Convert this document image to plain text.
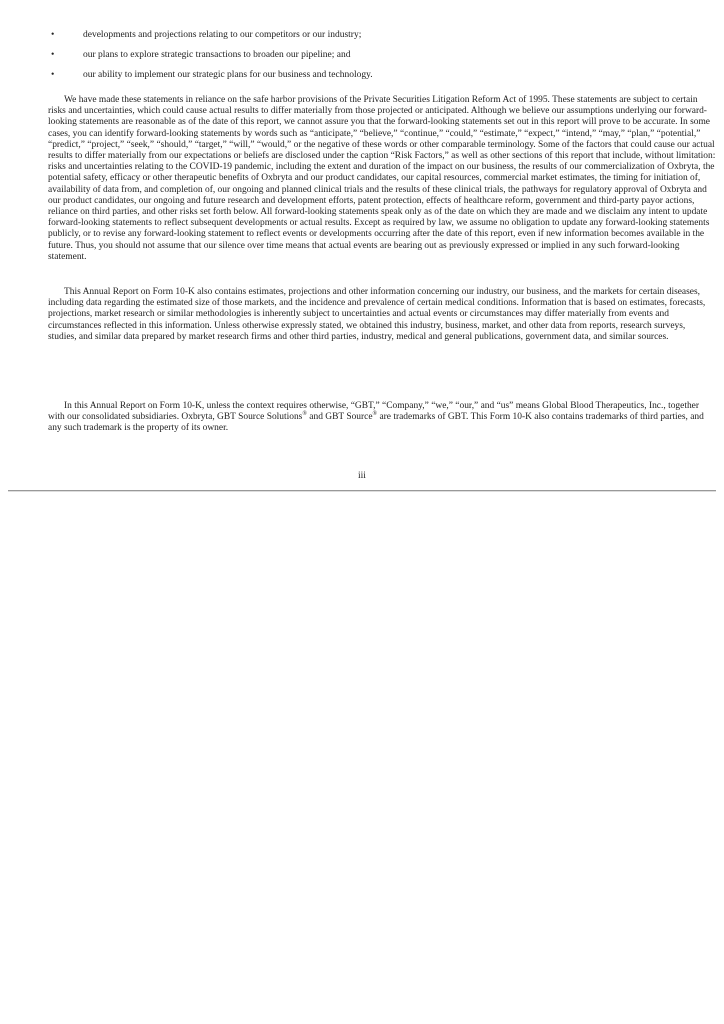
•	developments and projections relating to our competitors or our industry;
•	our plans to explore strategic transactions to broaden our pipeline; and
•	our ability to implement our strategic plans for our business and technology.

We have made these statements in reliance on the safe harbor provisions of the Private Securities Litigation Reform Act of 1995. These statements are subject to certain risks and uncertainties, which could cause actual results to differ materially from those projected or anticipated. Although we believe our assumptions underlying our forward-looking statements are reasonable as of the date of this report, we cannot assure you that the forward-looking statements set out in this report will prove to be accurate. In some cases, you can identify forward-looking statements by words such as “anticipate,” “believe,” “continue,” “could,” “estimate,” “expect,” “intend,” “may,” “plan,” “potential,” “predict,” “project,” “seek,” “should,” “target,” “will,” “would,” or the negative of these words or other comparable terminology. Some of the factors that could cause our actual results to differ materially from our expectations or beliefs are disclosed under the caption “Risk Factors,” as well as other sections of this report that include, without limitation: risks and uncertainties relating to the COVID-19 pandemic, including the extent and duration of the impact on our business, the results of our commercialization of Oxbryta, the potential safety, efficacy or other therapeutic benefits of Oxbryta and our product candidates, our capital resources, commercial market estimates, the timing for initiation of, availability of data from, and completion of, our ongoing and planned clinical trials and the results of these clinical trials, the pathways for regulatory approval of Oxbryta and our product candidates, our ongoing and future research and development efforts, patent protection, effects of healthcare reform, government and third-party payor actions, reliance on third parties, and other risks set forth below. All forward-looking statements speak only as of the date on which they are made and we disclaim any intent to update forward-looking statements to reflect subsequent developments or actual results. Except as required by law, we assume no obligation to update any forward-looking statements publicly, or to revise any forward-looking statement to reflect events or developments occurring after the date of this report, even if new information becomes available in the future. Thus, you should not assume that our silence over time means that actual events are bearing out as previously expressed or implied in any such forward-looking statement.

This Annual Report on Form 10-K also contains estimates, projections and other information concerning our industry, our business, and the markets for certain diseases, including data regarding the estimated size of those markets, and the incidence and prevalence of certain medical conditions. Information that is based on estimates, forecasts, projections, market research or similar methodologies is inherently subject to uncertainties and actual events or circumstances may differ materially from events and circumstances reflected in this information. Unless otherwise expressly stated, we obtained this industry, business, market, and other data from reports, research surveys, studies, and similar data prepared by market research firms and other third parties, industry, medical and general publications, government data, and similar sources.

In this Annual Report on Form 10-K, unless the context requires otherwise, “GBT,” “Company,” “we,” “our,” and “us” means Global Blood Therapeutics, Inc., together with our consolidated subsidiaries. Oxbryta, GBT Source Solutions® and GBT Source® are trademarks of GBT. This Form 10-K also contains trademarks of third parties, and any such trademark is the property of its owner.

iii
